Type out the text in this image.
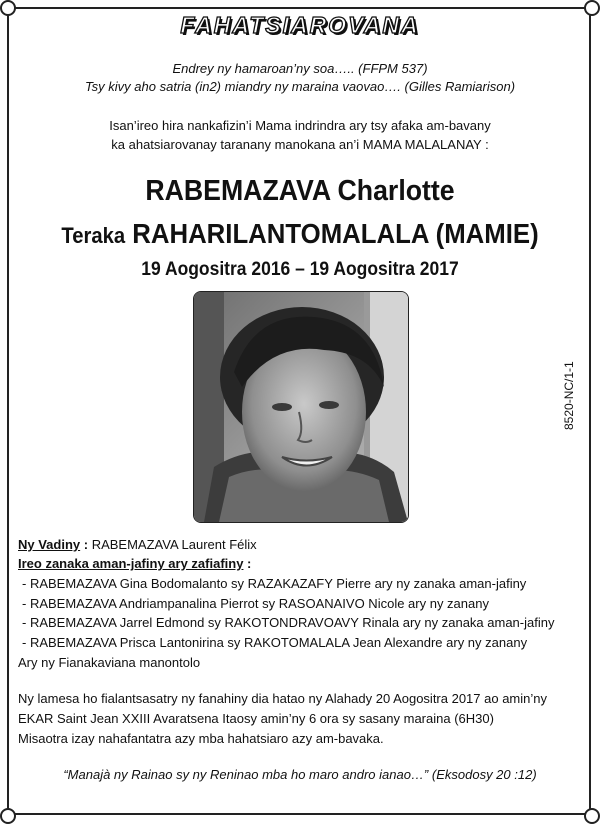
FAHATSIAROVANA
Endrey ny hamaroan’ny soa….. (FFPM 537)
Tsy kivy aho satria (in2) miandry ny maraina vaovao…. (Gilles Ramiarison)
Isan’ireo hira nankafizin’i Mama indrindra ary tsy afaka am-bavany
ka ahatsiarovanay taranany manokana an’i MAMA MALALANAY :
RABEMAZAVA Charlotte
Teraka RAHARILANTOMALALA (MAMIE)
19 Aogositra 2016 – 19 Aogositra 2017
8520-NC/1-1
Ny Vadiny : RABEMAZAVA Laurent Félix
Ireo zanaka aman-jafiny ary zafiafiny :
- RABEMAZAVA Gina Bodomalanto sy RAZAKAZAFY Pierre ary ny zanaka aman-jafiny
- RABEMAZAVA Andriampanalina Pierrot sy RASOANAIVO Nicole ary ny zanany
- RABEMAZAVA Jarrel Edmond sy RAKOTONDRAVOAVY Rinala ary ny zanaka aman-jafiny
- RABEMAZAVA Prisca Lantonirina sy RAKOTOMALALA Jean Alexandre ary ny zanany
Ary ny Fianakaviana manontolo
Ny lamesa ho fialantsasatry ny fanahiny dia hatao ny Alahady 20 Aogositra 2017 ao amin’ny
EKAR Saint Jean XXIII Avaratsena Itaosy amin’ny 6 ora sy sasany maraina (6H30)
Misaotra izay nahafantatra azy mba hahatsiaro azy am-bavaka.
“Manajà ny Rainao sy ny Reninao mba ho maro andro ianao…” (Eksodosy 20 :12)
